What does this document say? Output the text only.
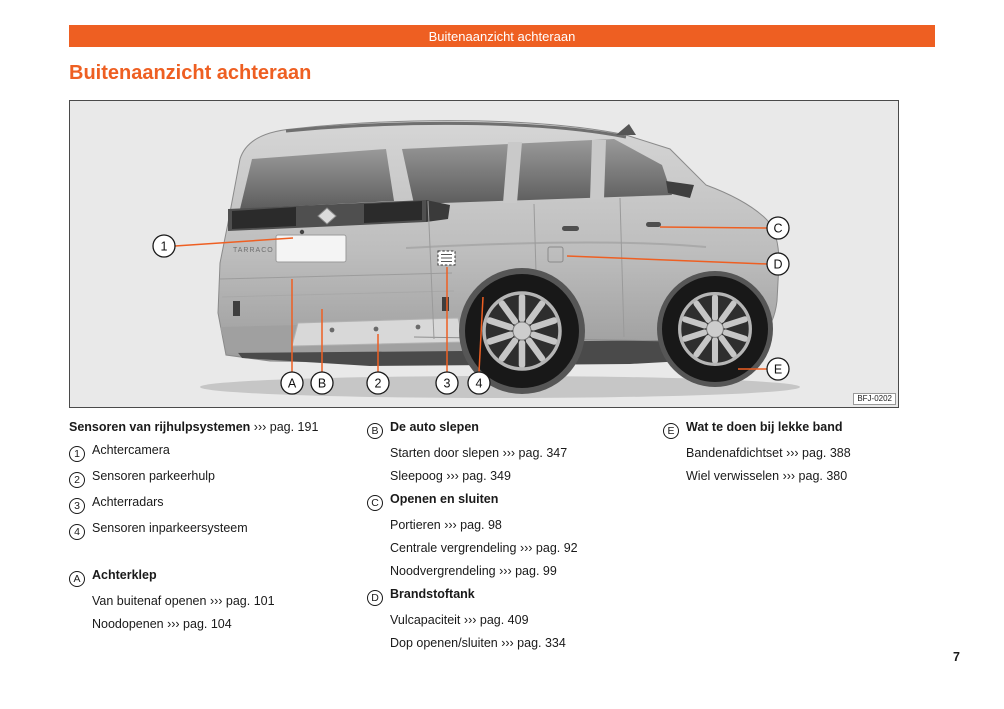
Buitenaanzicht achteraan
Buitenaanzicht achteraan
TARRACO
1
A B	2	3 4
C
D
E
BFJ-0202
Sensoren van rijhulpsystemen ››› pag. 191
1 Achtercamera
2 Sensoren parkeerhulp
3 Achterradars
4 Sensoren inparkeersysteem
A Achterklep
Van buitenaf openen ››› pag. 101
Noodopenen ››› pag. 104
B De auto slepen
Starten door slepen ››› pag. 347
Sleepoog ››› pag. 349
C Openen en sluiten
Portieren ››› pag. 98
Centrale vergrendeling ››› pag. 92
Noodvergrendeling ››› pag. 99
D Brandstoftank
Vulcapaciteit ››› pag. 409
Dop openen/sluiten ››› pag. 334
E Wat te doen bij lekke band
Bandenafdichtset ››› pag. 388
Wiel verwisselen ››› pag. 380
7
